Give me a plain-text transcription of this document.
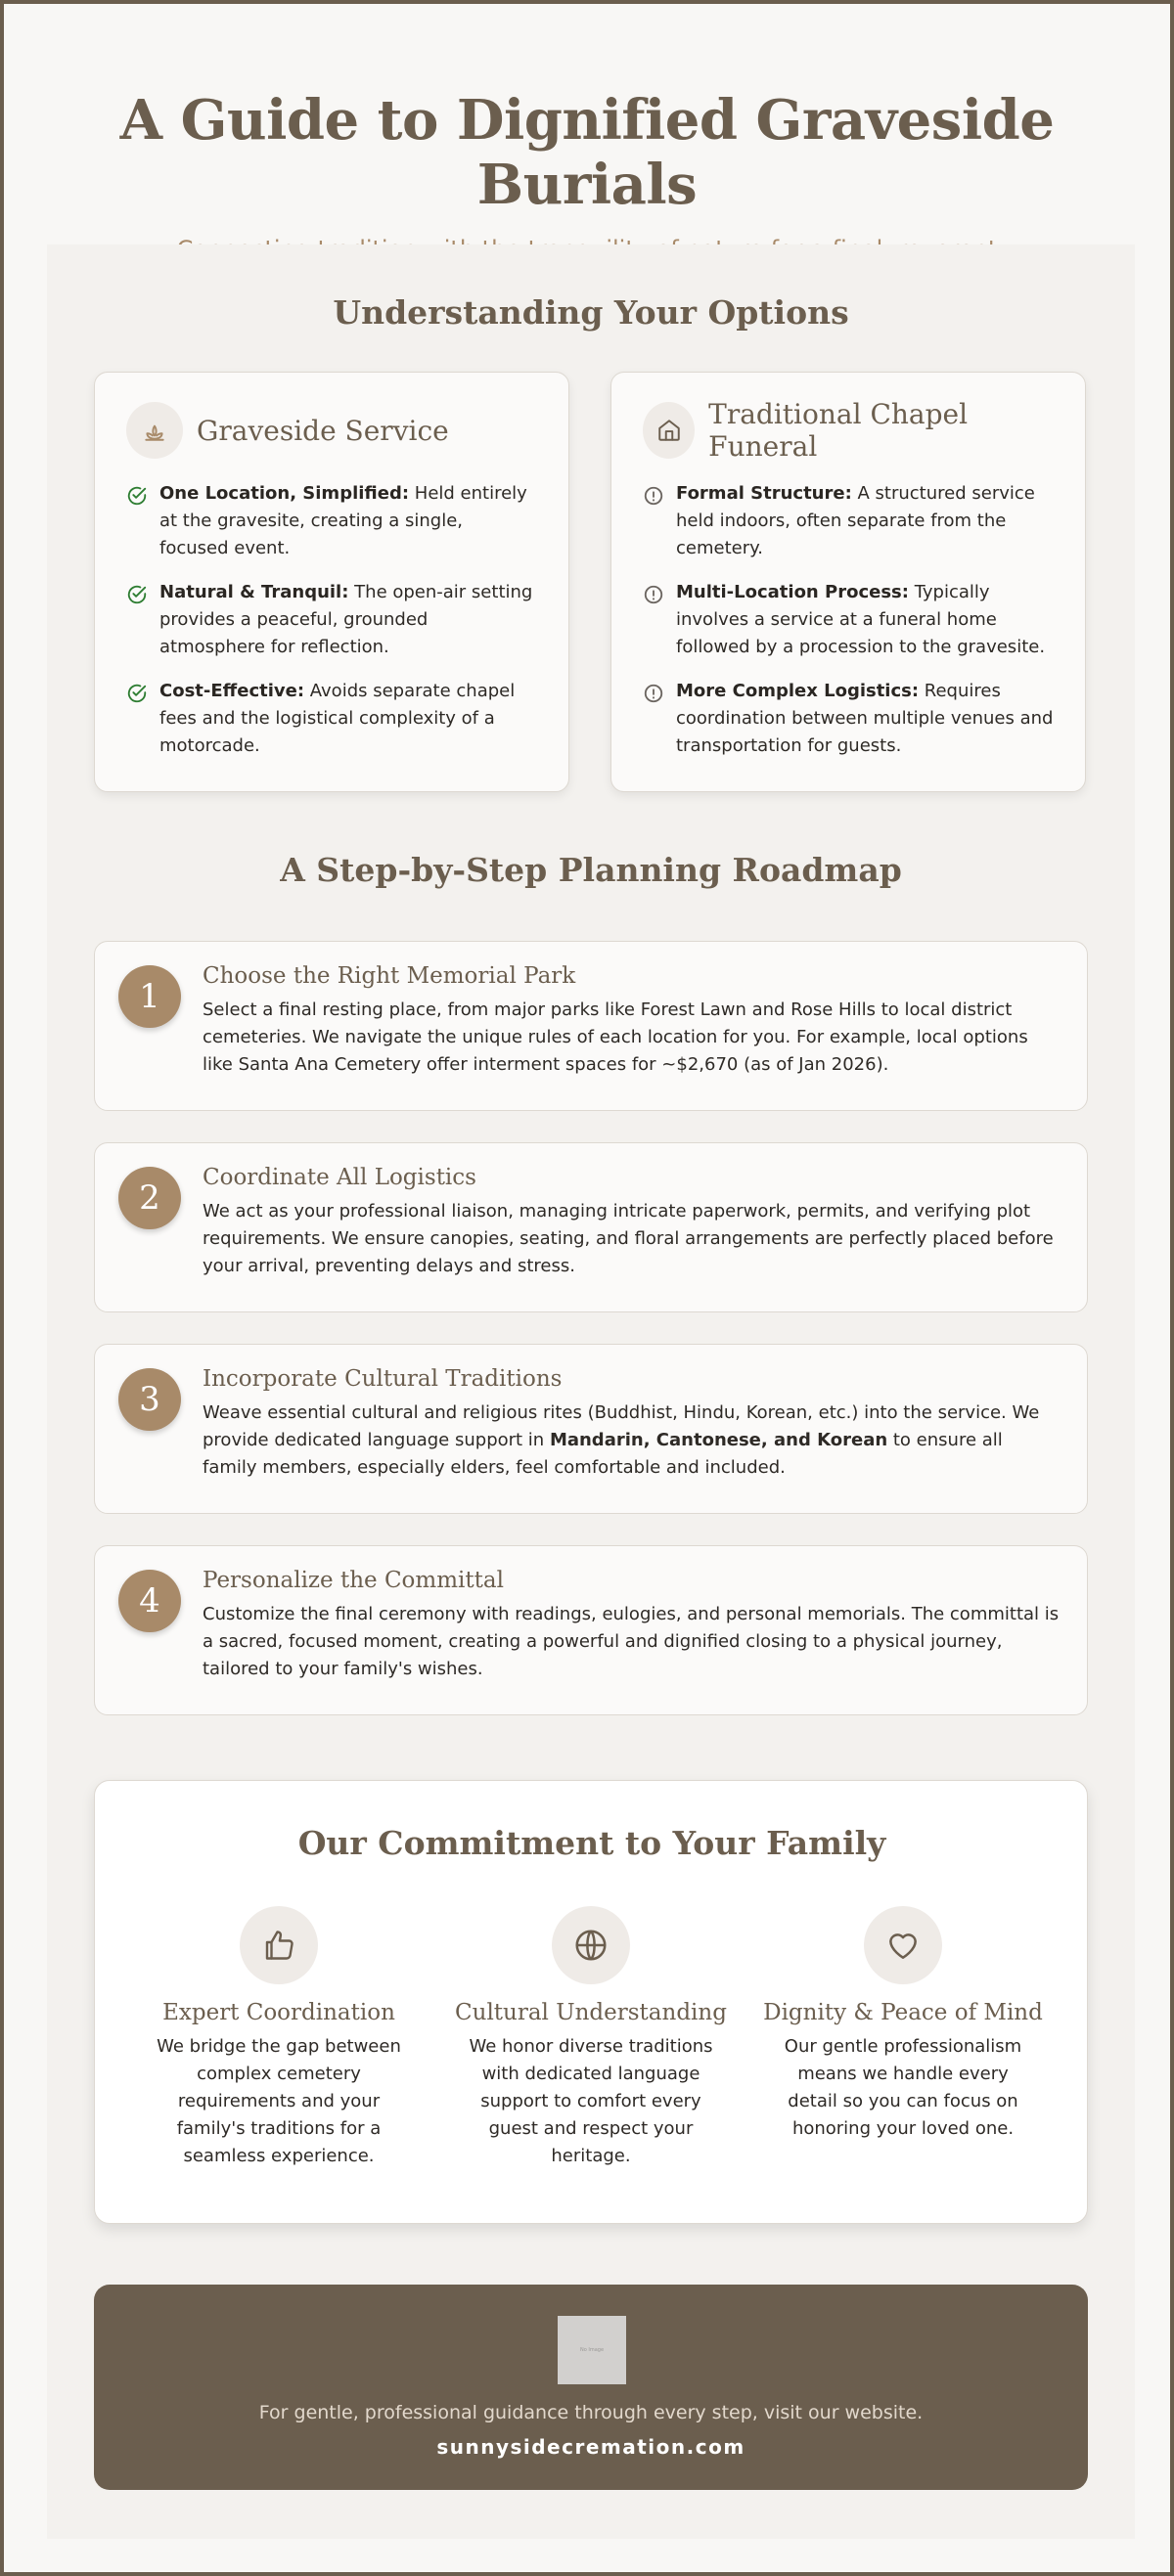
A Guide to Dignified Graveside Burials

Understanding Your Options
Graveside Service
One Location, Simplified: Held entirely at the gravesite, creating a single, focused event.
Natural & Tranquil: The open-air setting provides a peaceful, grounded atmosphere for reflection.
Cost-Effective: Avoids separate chapel fees and the logistical complexity of a motorcade.
Traditional Chapel Funeral
Formal Structure: A structured service held indoors, often separate from the cemetery.
Multi-Location Process: Typically involves a service at a funeral home followed by a procession to the gravesite.
More Complex Logistics: Requires coordination between multiple venues and transportation for guests.
A Step-by-Step Planning Roadmap
1
Choose the Right Memorial Park
Select a final resting place, from major parks like Forest Lawn and Rose Hills to local district cemeteries. We navigate the unique rules of each location for you. For example, local options like Santa Ana Cemetery offer interment spaces for ~$2,670 (as of Jan 2026).
2
Coordinate All Logistics
We act as your professional liaison, managing intricate paperwork, permits, and verifying plot requirements. We ensure canopies, seating, and floral arrangements are perfectly placed before your arrival, preventing delays and stress.
3
Incorporate Cultural Traditions
Weave essential cultural and religious rites (Buddhist, Hindu, Korean, etc.) into the service. We provide dedicated language support in Mandarin, Cantonese, and Korean to ensure all family members, especially elders, feel comfortable and included.
4
Personalize the Committal
Customize the final ceremony with readings, eulogies, and personal memorials. The committal is a sacred, focused moment, creating a powerful and dignified closing to a physical journey, tailored to your family's wishes.
Our Commitment to Your Family
Expert Coordination
We bridge the gap between complex cemetery requirements and your family's traditions for a seamless experience.
Cultural Understanding
We honor diverse traditions with dedicated language support to comfort every guest and respect your heritage.
Dignity & Peace of Mind
Our gentle professionalism means we handle every detail so you can focus on honoring your loved one.
No Image
For gentle, professional guidance through every step, visit our website.
sunnysidecremation.com
